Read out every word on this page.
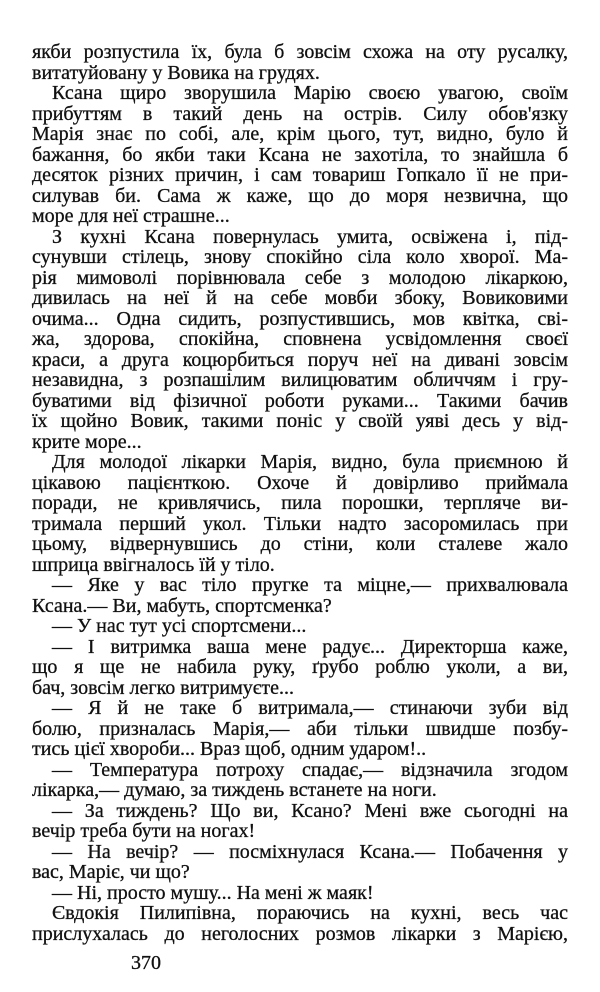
якби розпустила їх, була б зовсім схожа на оту русалку,
витатуйовану у Вовика на грудях.
Ксана щиро зворушила Марію своєю увагою, своїм
прибуттям в такий день на острів. Силу обов'язку
Марія знає по собі, але, крім цього, тут, видно, було й
бажання, бо якби таки Ксана не захотіла, то знайшла б
десяток різних причин, і сам товариш Гопкало її не при-
силував би. Сама ж каже, що до моря незвична, що
море для неї страшне...
З кухні Ксана повернулась умита, освіжена і, під-
сунувши стілець, знову спокійно сіла коло хворої. Ма-
рія мимоволі порівнювала себе з молодою лікаркою,
дивилась на неї й на себе мовби збоку, Вовиковими
очима... Одна сидить, розпустившись, мов квітка, сві-
жа, здорова, спокійна, сповнена усвідомлення своєї
краси, а друга коцюрбиться поруч неї на дивані зовсім
незавидна, з розпашілим вилицюватим обличчям і гру-
буватими від фізичної роботи руками... Такими бачив
їх щойно Вовик, такими поніс у своїй уяві десь у від-
крите море...
Для молодої лікарки Марія, видно, була приємною й
цікавою пацієнткою. Охоче й довірливо приймала
поради, не кривлячись, пила порошки, терпляче ви-
тримала перший укол. Тільки надто засоромилась при
цьому, відвернувшись до стіни, коли сталеве жало
шприца ввігналось їй у тіло.
— Яке у вас тіло пругке та міцне,— прихвалювала
Ксана.— Ви, мабуть, спортсменка?
— У нас тут усі спортсмени...
— І витримка ваша мене радує... Директорша каже,
що я ще не набила руку, ґрубо роблю уколи, а ви,
бач, зовсім легко витримуєте...
— Я й не таке б витримала,— стинаючи зуби від
болю, призналась Марія,— аби тільки швидше позбу-
тись цієї хвороби... Враз щоб, одним ударом!..
— Температура потроху спадає,— відзначила згодом
лікарка,— думаю, за тиждень встанете на ноги.
— За тиждень? Що ви, Ксано? Мені вже сьогодні на
вечір треба бути на ногах!
— На вечір? — посміхнулася Ксана.— Побачення у
вас, Маріє, чи що?
— Ні, просто мушу... На мені ж маяк!
Євдокія Пилипівна, пораючись на кухні, весь час
прислухалась до неголосних розмов лікарки з Марією,
370
